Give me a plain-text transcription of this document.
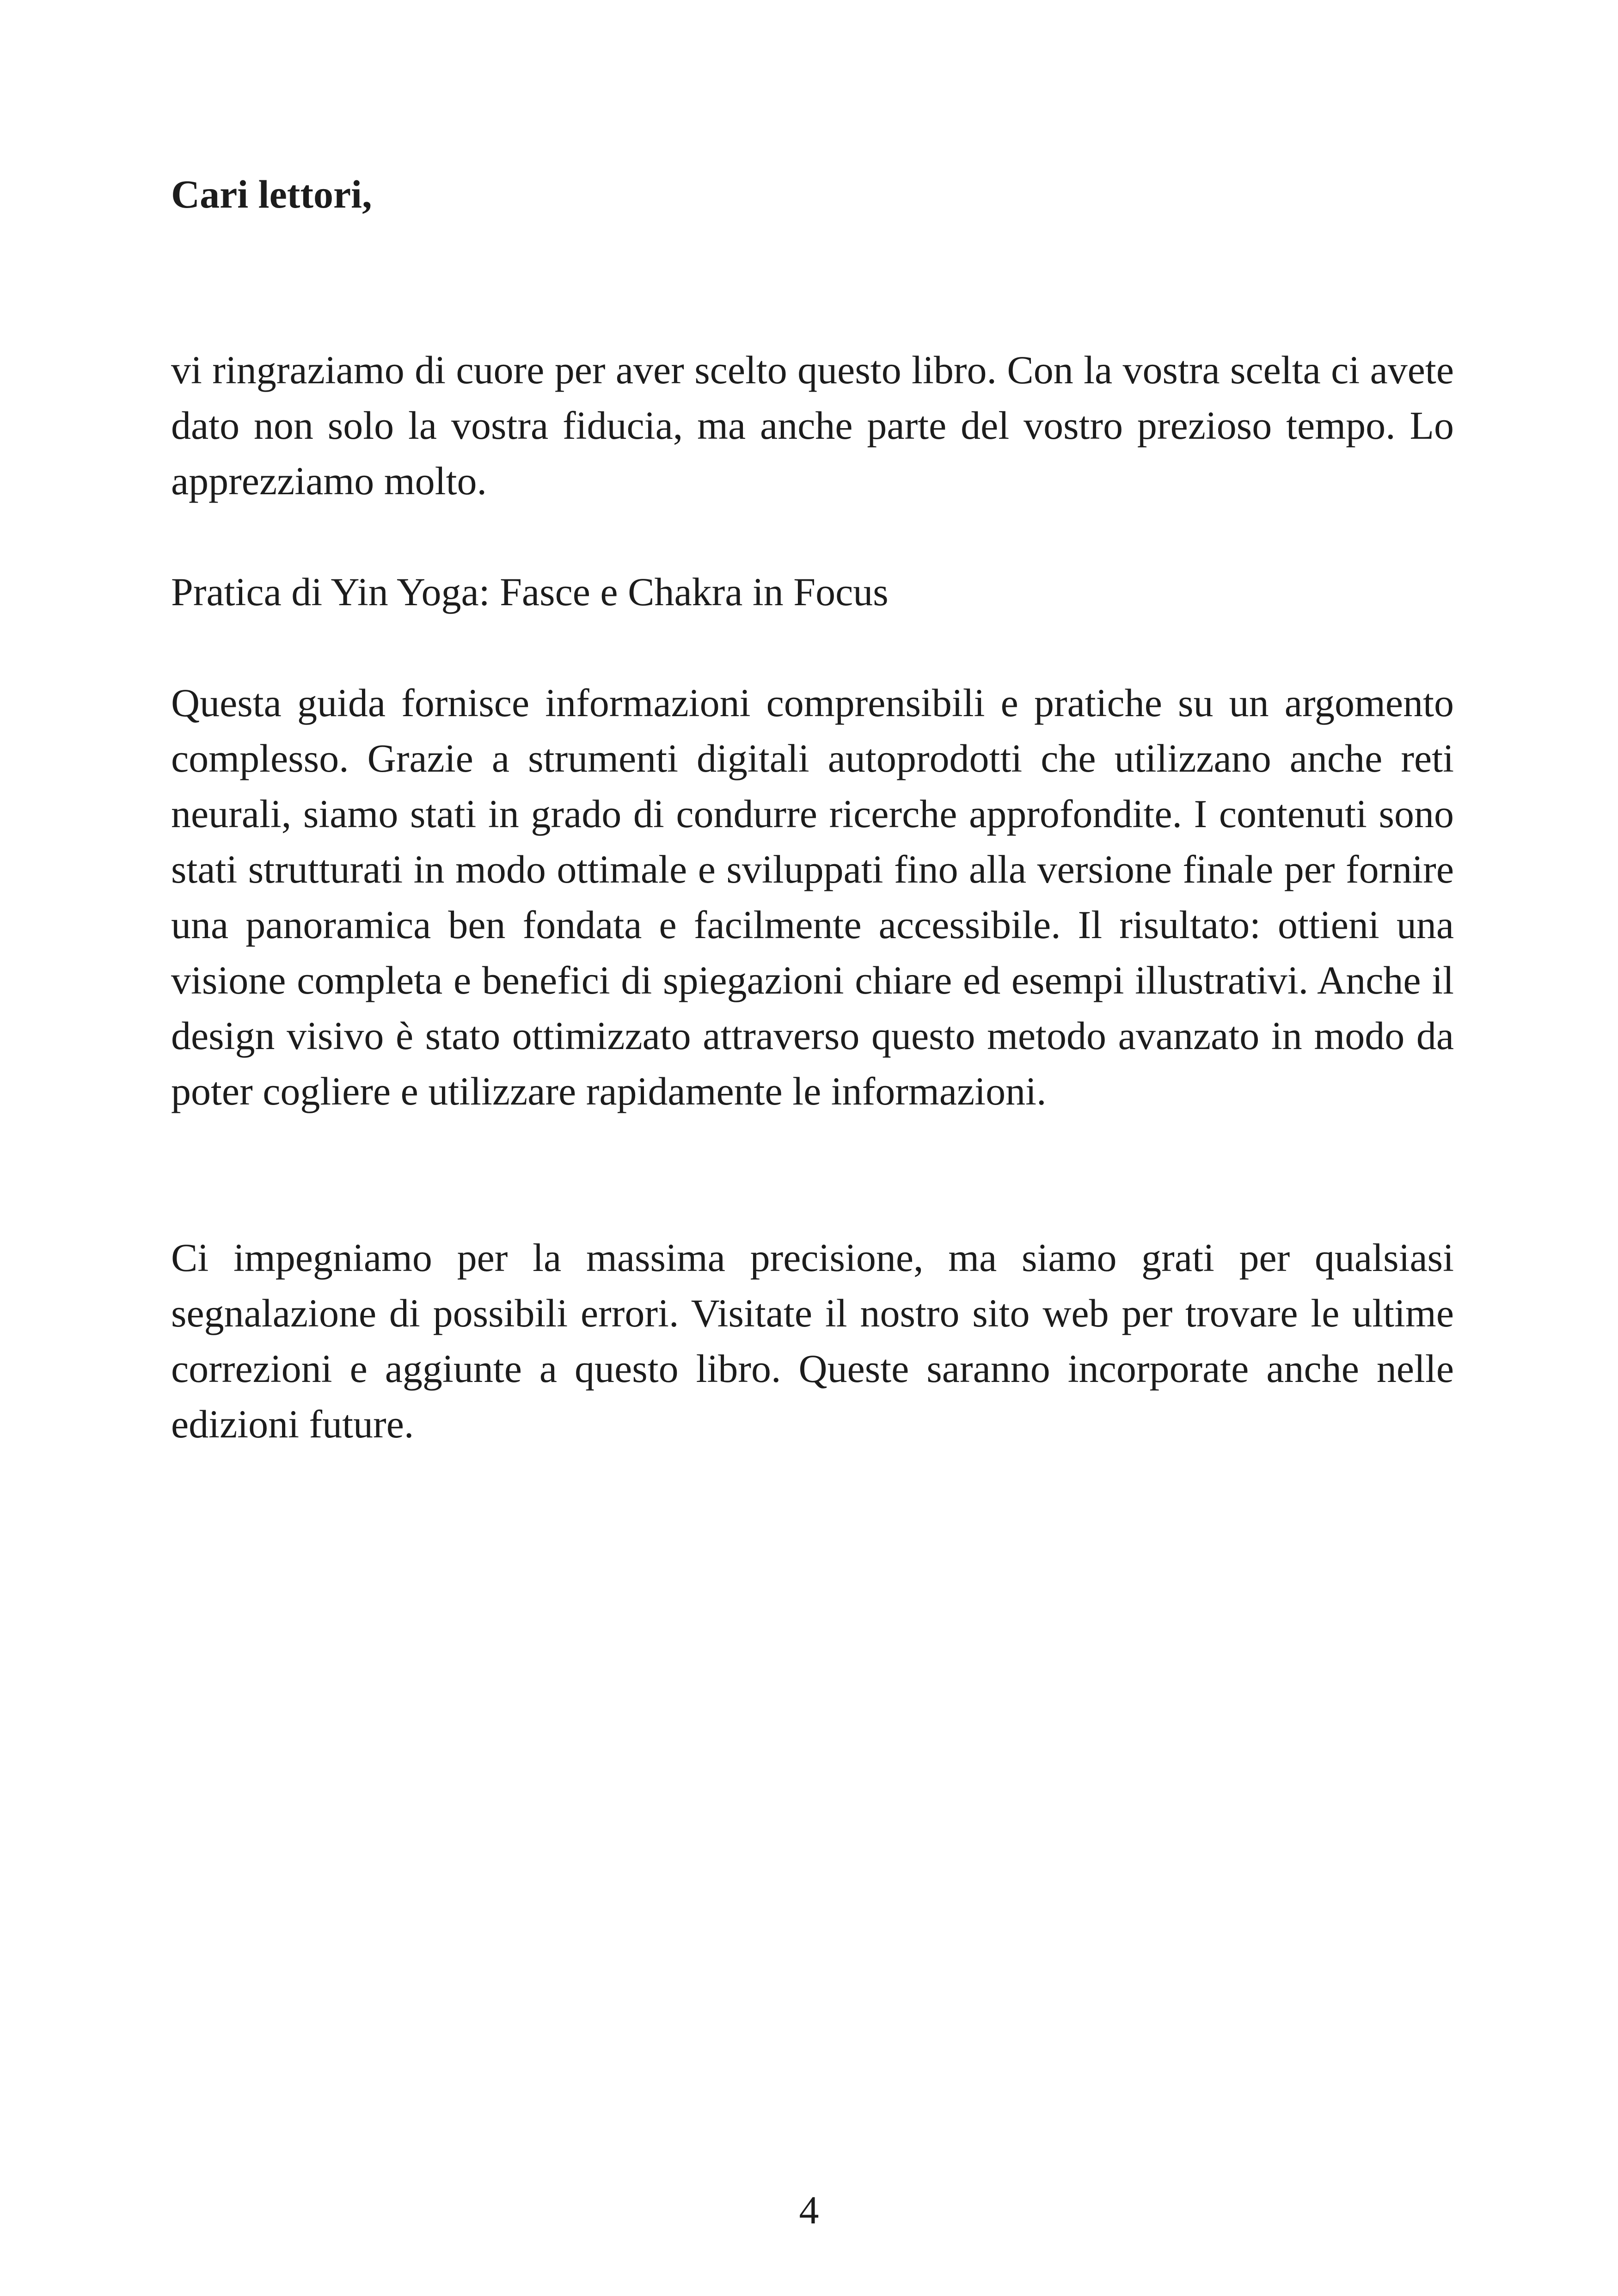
Cari lettori,

vi ringraziamo di cuore per aver scelto questo libro. Con la vostra scelta ci avete dato non solo la vostra fiducia, ma anche parte del vostro prezioso tempo. Lo apprezziamo molto.

Pratica di Yin Yoga: Fasce e Chakra in Focus

Questa guida fornisce informazioni comprensibili e pratiche su un argomento complesso. Grazie a strumenti digitali autoprodotti che utilizzano anche reti neurali, siamo stati in grado di condurre ricerche approfondite. I contenuti sono stati strutturati in modo ottimale e sviluppati fino alla versione finale per fornire una panoramica ben fondata e facilmente accessibile. Il risultato: ottieni una visione completa e benefici di spiegazioni chiare ed esempi illustrativi. Anche il design visivo è stato ottimizzato attraverso questo metodo avanzato in modo da poter cogliere e utilizzare rapidamente le informazioni.

Ci impegniamo per la massima precisione, ma siamo grati per qualsiasi segnalazione di possibili errori. Visitate il nostro sito web per trovare le ultime correzioni e aggiunte a questo libro. Queste saranno incorporate anche nelle edizioni future.

4
